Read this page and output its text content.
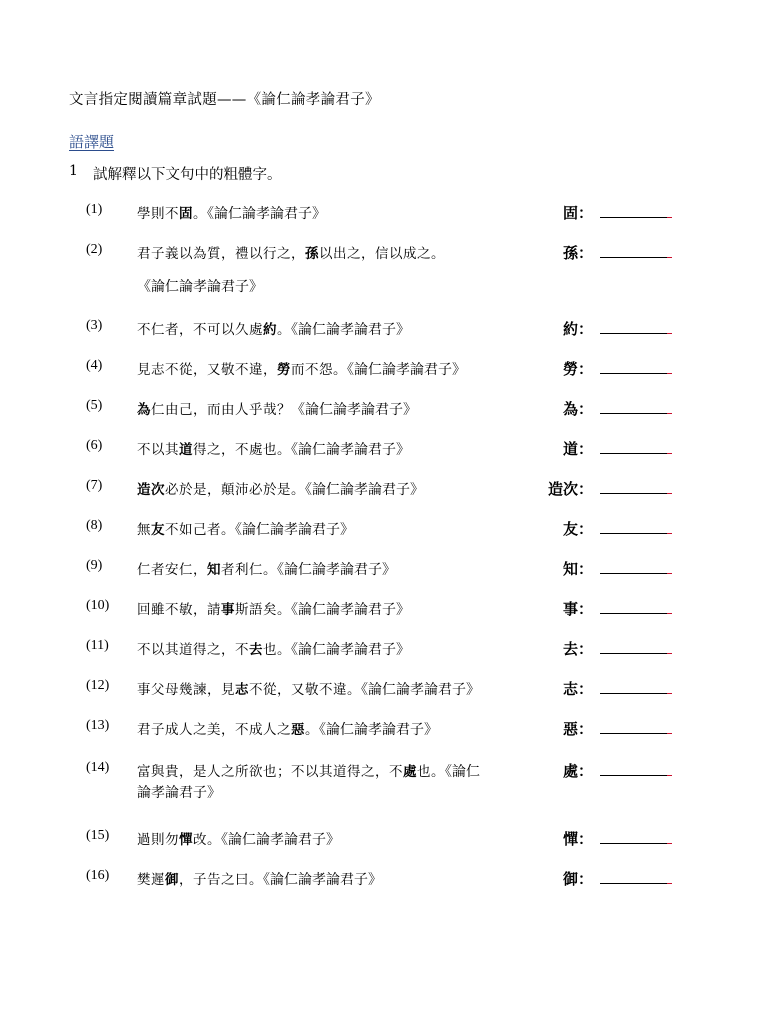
文言指定閱讀篇章試題——《論仁論孝論君子》
語譯題
1 試解釋以下文句中的粗體字。
(1)	學則不固。《論仁論孝論君子》	固：
(2)	君子義以為質，禮以行之，孫以出之，信以成之。
《論仁論孝論君子》
孫：
(3)	不仁者，不可以久處約。《論仁論孝論君子》	約：
(4)	見志不從，又敬不違，勞而不怨。《論仁論孝論君子》	勞：
(5)	為仁由己，而由人乎哉？《論仁論孝論君子》	為：
(6)	不以其道得之，不處也。《論仁論孝論君子》	道：
(7)	造次必於是，顛沛必於是。《論仁論孝論君子》	造次：
(8)	無友不如己者。《論仁論孝論君子》	友：
(9)	仁者安仁，知者利仁。《論仁論孝論君子》	知：
(10) 回雖不敏，請事斯語矣。《論仁論孝論君子》	事：
(11) 不以其道得之，不去也。《論仁論孝論君子》	去：
(12) 事父母幾諫，見志不從，又敬不違。《論仁論孝論君子》	志：
(13) 君子成人之美，不成人之惡。《論仁論孝論君子》	惡：
(14) 富與貴，是人之所欲也；不以其道得之，不處也。《論仁
論孝論君子》
處：
(15) 過則勿憚改。《論仁論孝論君子》	憚：
(16) 樊遲御，子告之曰。《論仁論孝論君子》	御：
